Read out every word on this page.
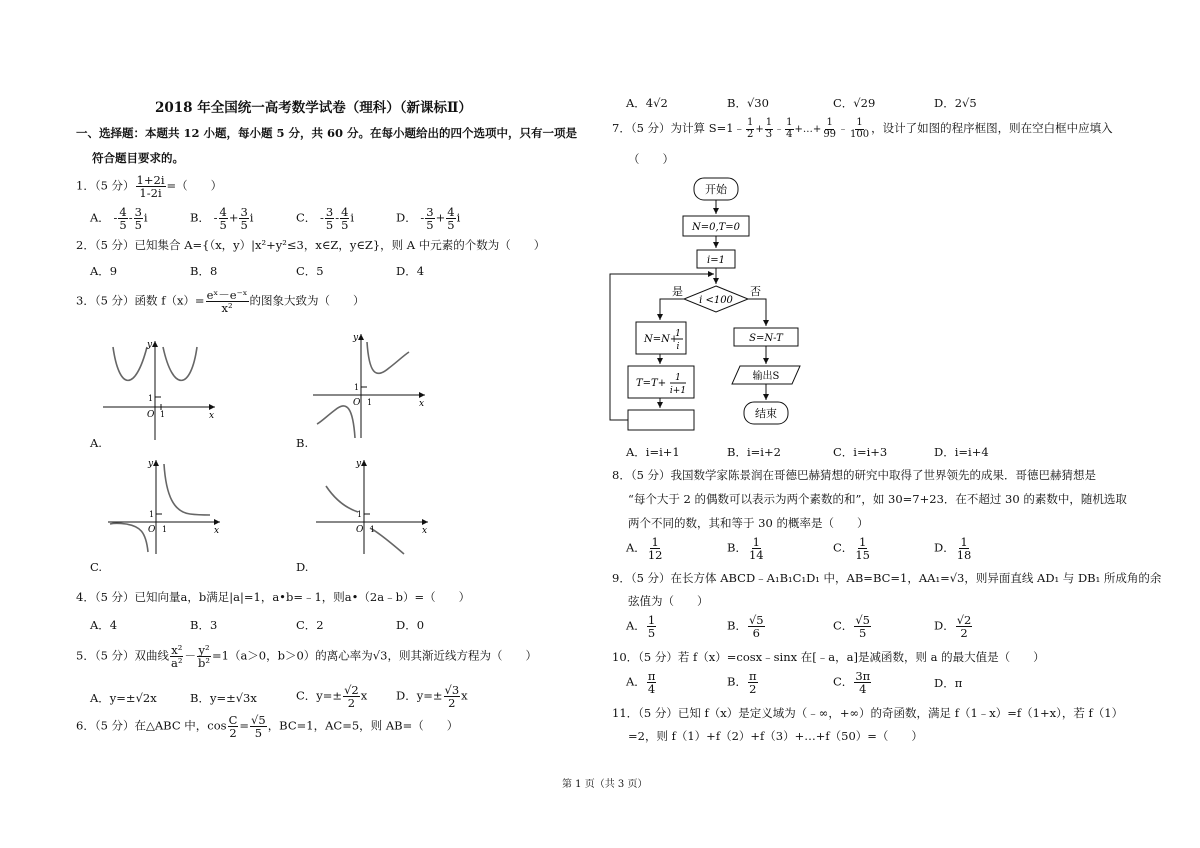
2018 年全国统一高考数学试卷（理科）（新课标Ⅱ）
一、选择题：本题共 12 小题，每小题 5 分，共 60 分。在每小题给出的四个选项中，只有一项是
符合题目要求的。
1．（5 分） $\frac{1+2i}{1-2i}$ =（　　）
A． - $\frac{4}{5} - \frac{3}{5}$ i	B． - $\frac{4}{5} + \frac{3}{5}$ i	C． - $\frac{3}{5} - \frac{4}{5}$ i	D． - $\frac{3}{5} + \frac{4}{5}$ i
2．（5 分）已知集合 A={（x，y）|x²+y²≤3，x∈Z，y∈Z}，则 A 中元素的个数为（　　）
A．9	B．8	C．5	D．4
3．（5 分）函数 $f(x)= \frac{\text{eˣ－e⁻ˣ}}{\text{x²}}$ 的图象大致为（　　）
y
x
O
1
1
A.
y
x
O
1
1
B.
y
x
O
1
1
C.
y
x
O
1
1
D.
4．（5 分）已知向量a，b满足|a|=1，a•b=﹣1，则a•（2a﹣b）=（　　）
A．4	B．3	C．2	D．0
5．（5 分）双曲线 $\frac{\text{x²}}{\text{a²}} - \frac{\text{y²}}{\text{b²}} =1(a>0$，b＞0）的离心率为√3，则其渐近线方程为（　　）
A．y=±√2x	B．y=±√3x	C．$y=\pm \frac{√2}{2}$ x	D．$y=\pm \frac{√3}{2}$ x
6．（5 分）在△ABC 中，$\cos \frac{C}{2} = \frac{√5}{5}$ ，BC=1，AC=5，则 AB=（　　）
A．4√2	B．√30	C．√29	D．2√5
7．（5 分）为计算 S=1﹣ $\frac{1}{2} + \frac{1}{3}$ ﹣ $\frac{1}{4}$ +…+ $\frac{1}{99}$ ﹣ $\frac{1}{100}$ ，设计了如图的程序框图，则在空白框中应填入
（　　）
开始
N=0,T=0
i=1
i <100
是	否
N=N+
1
i
T=T+ 1
i+1
S=N-T
输出S
结束
A．i=i+1	B．i=i+2	C．i=i+3	D．i=i+4
8．（5 分）我国数学家陈景润在哥德巴赫猜想的研究中取得了世界领先的成果．哥德巴赫猜想是
“每个大于 2 的偶数可以表示为两个素数的和”，如 30=7+23．在不超过 30 的素数中，随机选取
两个不同的数，其和等于 30 的概率是（　　）
A． $\frac{1}{12}$	B． $\frac{1}{14}$	C． $\frac{1}{15}$	D． $\frac{1}{18}$
9．（5 分）在长方体 ABCD﹣A₁B₁C₁D₁ 中，AB=BC=1，AA₁=√3，则异面直线 AD₁ 与 DB₁ 所成角的余
弦值为（　　）
A． $\frac{1}{5}$	B． $\frac{√5}{6}$	C． $\frac{√5}{5}$	D． $\frac{√2}{2}$
10．（5 分）若 f（x）=cosx﹣sinx 在[﹣a，a]是减函数，则 a 的最大值是（　　）
A． $\frac{\pi}{4}$	B． $\frac{\pi}{2}$	C． $\frac{3\pi}{4}$	D．π
11．（5 分）已知 f（x）是定义域为（﹣∞，+∞）的奇函数，满足 f（1﹣x）=f（1+x），若 f（1）
=2，则 f（1）+f（2）+f（3）+…+f（50）=（　　）
第 1 页（共 3 页）
